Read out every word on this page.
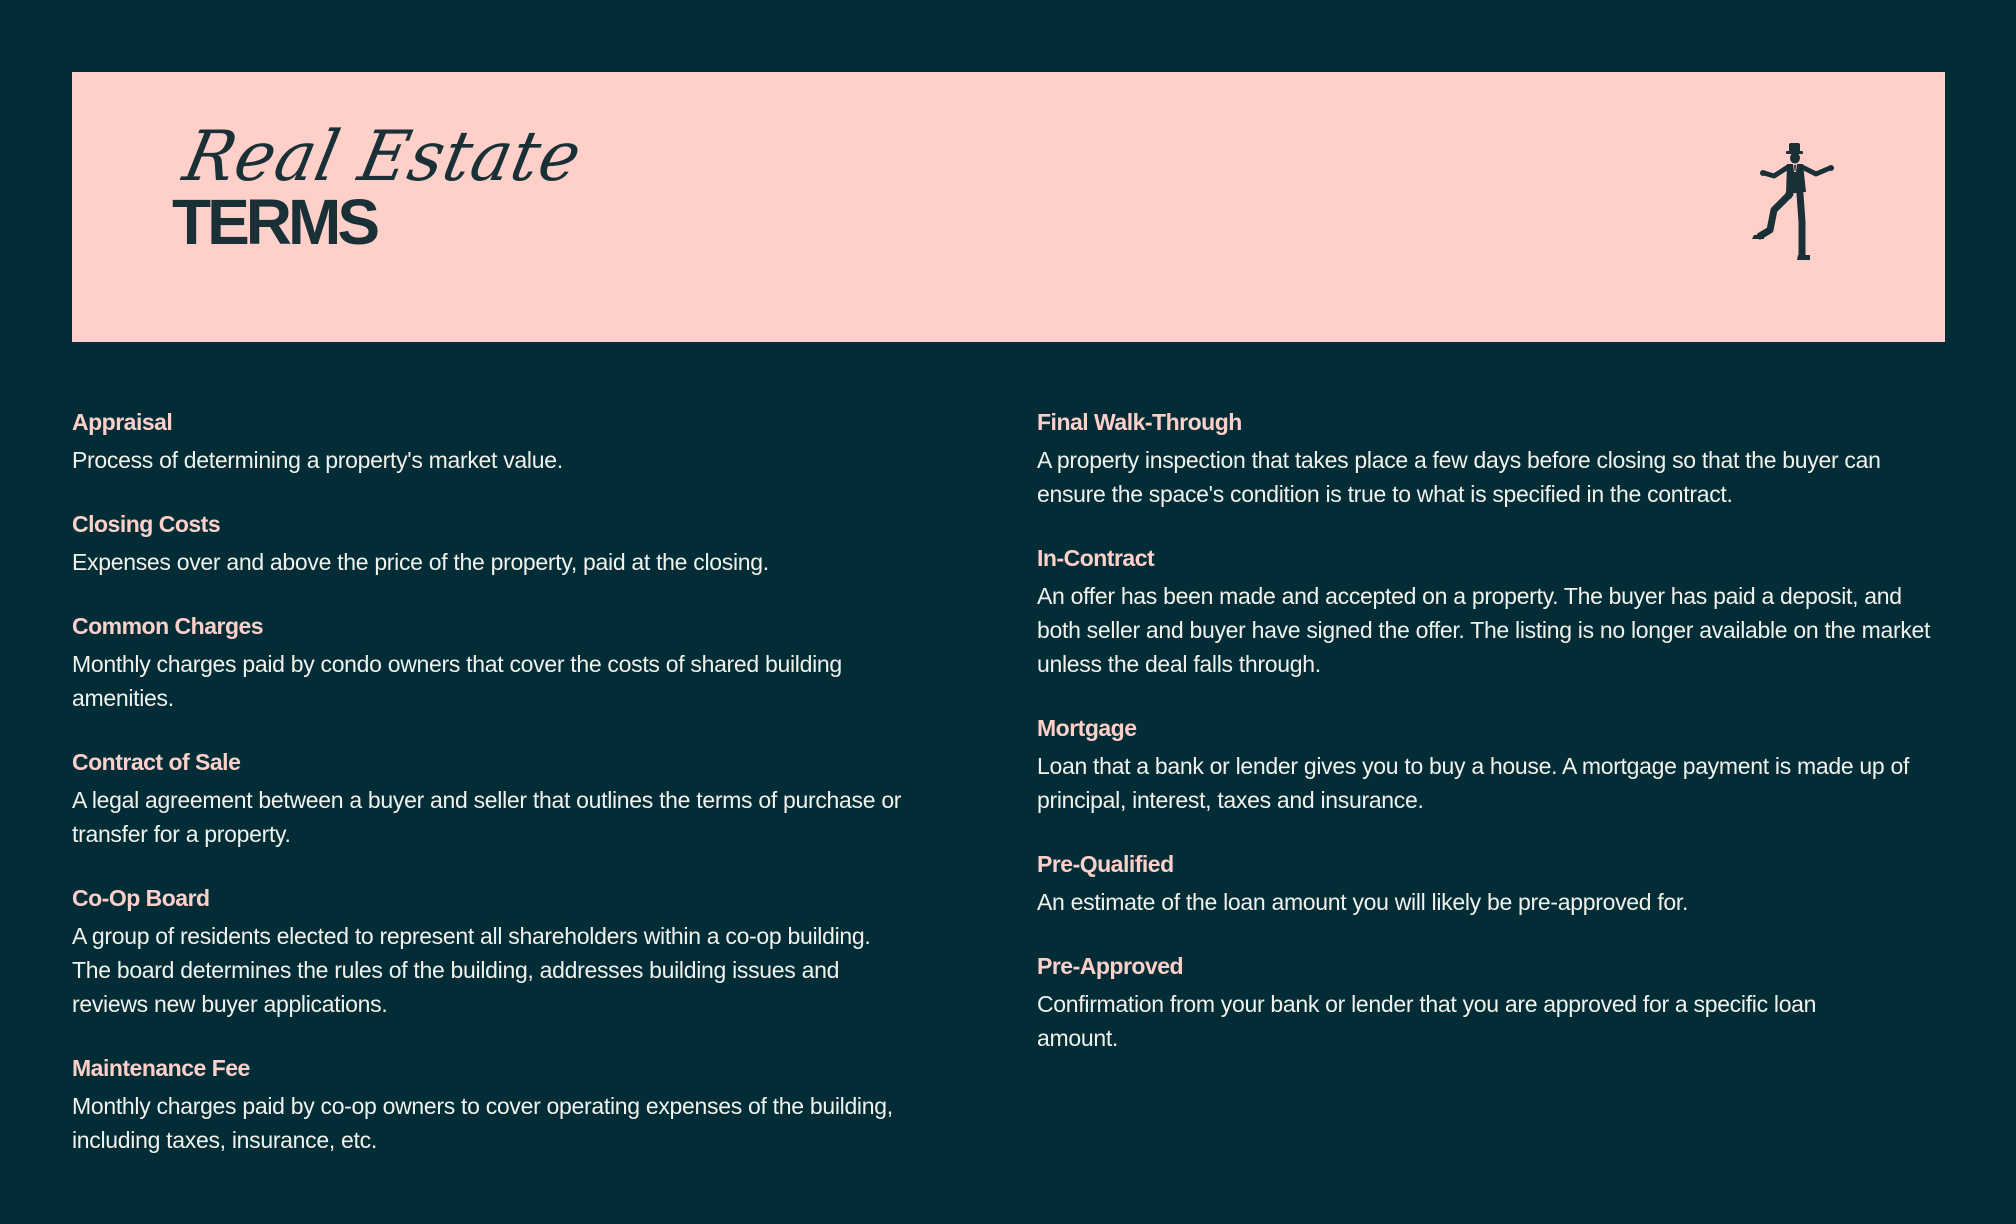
Real Estate
TERMS
Appraisal
Process of determining a property's market value.
Closing Costs
Expenses over and above the price of the property, paid at the closing.
Common Charges
Monthly charges paid by condo owners that cover the costs of shared building amenities.
Contract of Sale
A legal agreement between a buyer and seller that outlines the terms of purchase or transfer for a property.
Co-Op Board
A group of residents elected to represent all shareholders within a co-op building. The board determines the rules of the building, addresses building issues and reviews new buyer applications.
Maintenance Fee
Monthly charges paid by co-op owners to cover operating expenses of the building, including taxes, insurance, etc.
Final Walk-Through
A property inspection that takes place a few days before closing so that the buyer can ensure the space's condition is true to what is specified in the contract.
In-Contract
An offer has been made and accepted on a property. The buyer has paid a deposit, and both seller and buyer have signed the offer. The listing is no longer available on the market unless the deal falls through.
Mortgage
Loan that a bank or lender gives you to buy a house. A mortgage payment is made up of principal, interest, taxes and insurance.
Pre-Qualified
An estimate of the loan amount you will likely be pre-approved for.
Pre-Approved
Confirmation from your bank or lender that you are approved for a specific loan amount.
